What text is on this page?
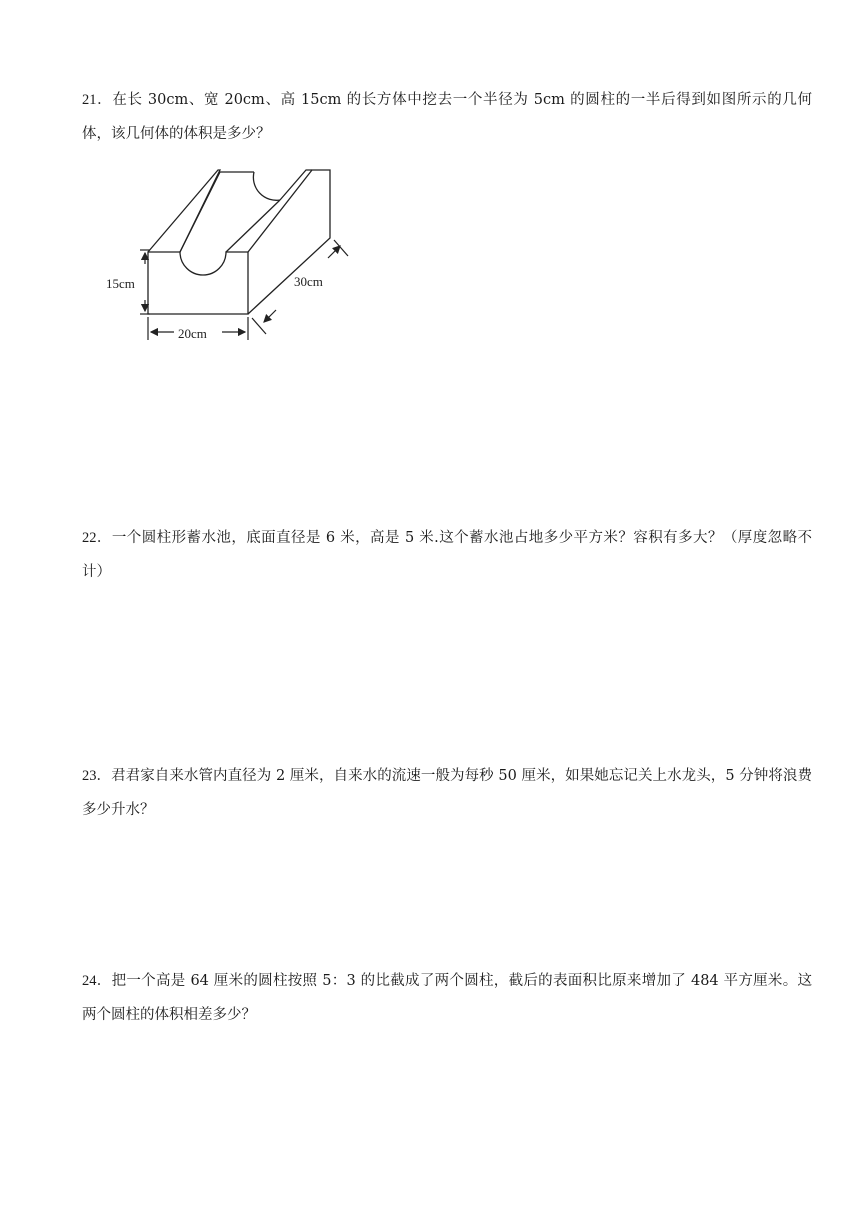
21．在长 30cm、宽 20cm、高 15cm 的长方体中挖去一个半径为 5cm 的圆柱的一半后得到如图所示的几何体，该几何体的体积是多少？
15cm
20cm
30cm
22．一个圆柱形蓄水池，底面直径是 6 米，高是 5 米.这个蓄水池占地多少平方米？容积有多大？（厚度忽略不计）
23．君君家自来水管内直径为 2 厘米，自来水的流速一般为每秒 50 厘米，如果她忘记关上水龙头，5 分钟将浪费多少升水？
24．把一个高是 64 厘米的圆柱按照 5：3 的比截成了两个圆柱，截后的表面积比原来增加了 484 平方厘米。这两个圆柱的体积相差多少？
